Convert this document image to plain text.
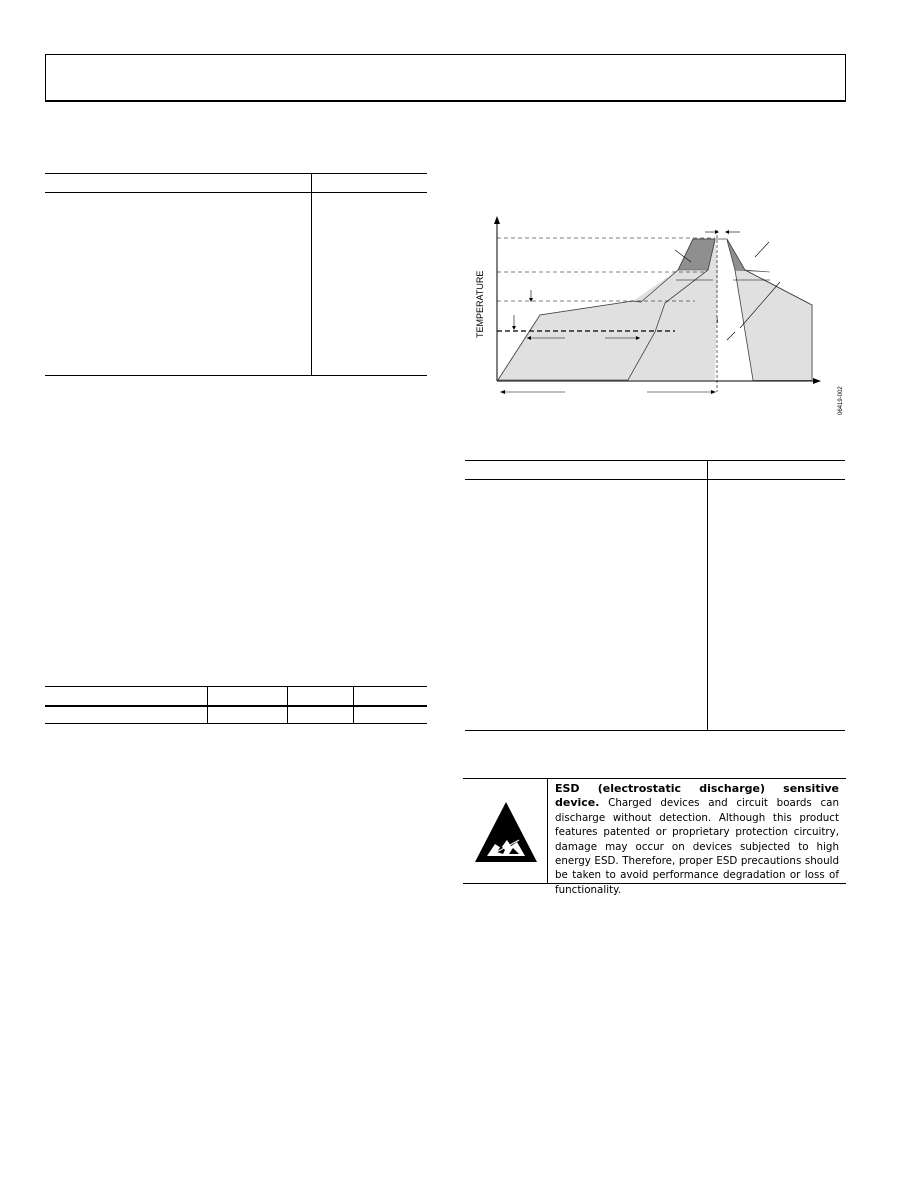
TEMPERATURE
06419-002
ESD (electrostatic discharge) sensitive device. Charged devices and circuit boards can discharge without detection. Although this product features patented or proprietary protection circuitry, damage may occur on devices subjected to high energy ESD. Therefore, proper ESD precautions should be taken to avoid performance degradation or loss of functionality.
